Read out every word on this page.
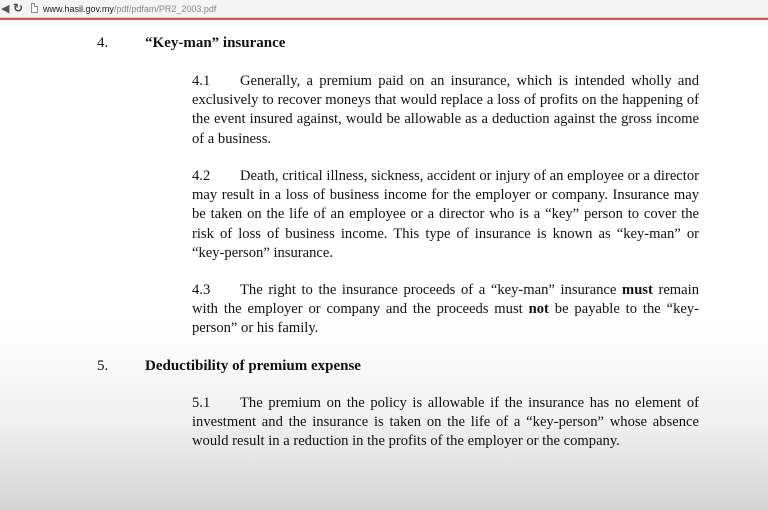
◀ ↻	www.hasil.gov.my/pdf/pdfam/PR2_2003.pdf
4. “Key-man” insurance

4.1 Generally, a premium paid on an insurance, which is intended wholly and exclusively to recover moneys that would replace a loss of profits on the happening of the event insured against, would be allowable as a deduction against the gross income of a business.

4.2 Death, critical illness, sickness, accident or injury of an employee or a director may result in a loss of business income for the employer or company. Insurance may be taken on the life of an employee or a director who is a “key” person to cover the risk of loss of business income. This type of insurance is known as “key-man” or “key-person” insurance.

4.3 The right to the insurance proceeds of a “key-man” insurance must remain with the employer or company and the proceeds must not be payable to the “key-person” or his family.

5. Deductibility of premium expense

5.1 The premium on the policy is allowable if the insurance has no element of investment and the insurance is taken on the life of a “key-person” whose absence would result in a reduction in the profits of the employer or the company.
